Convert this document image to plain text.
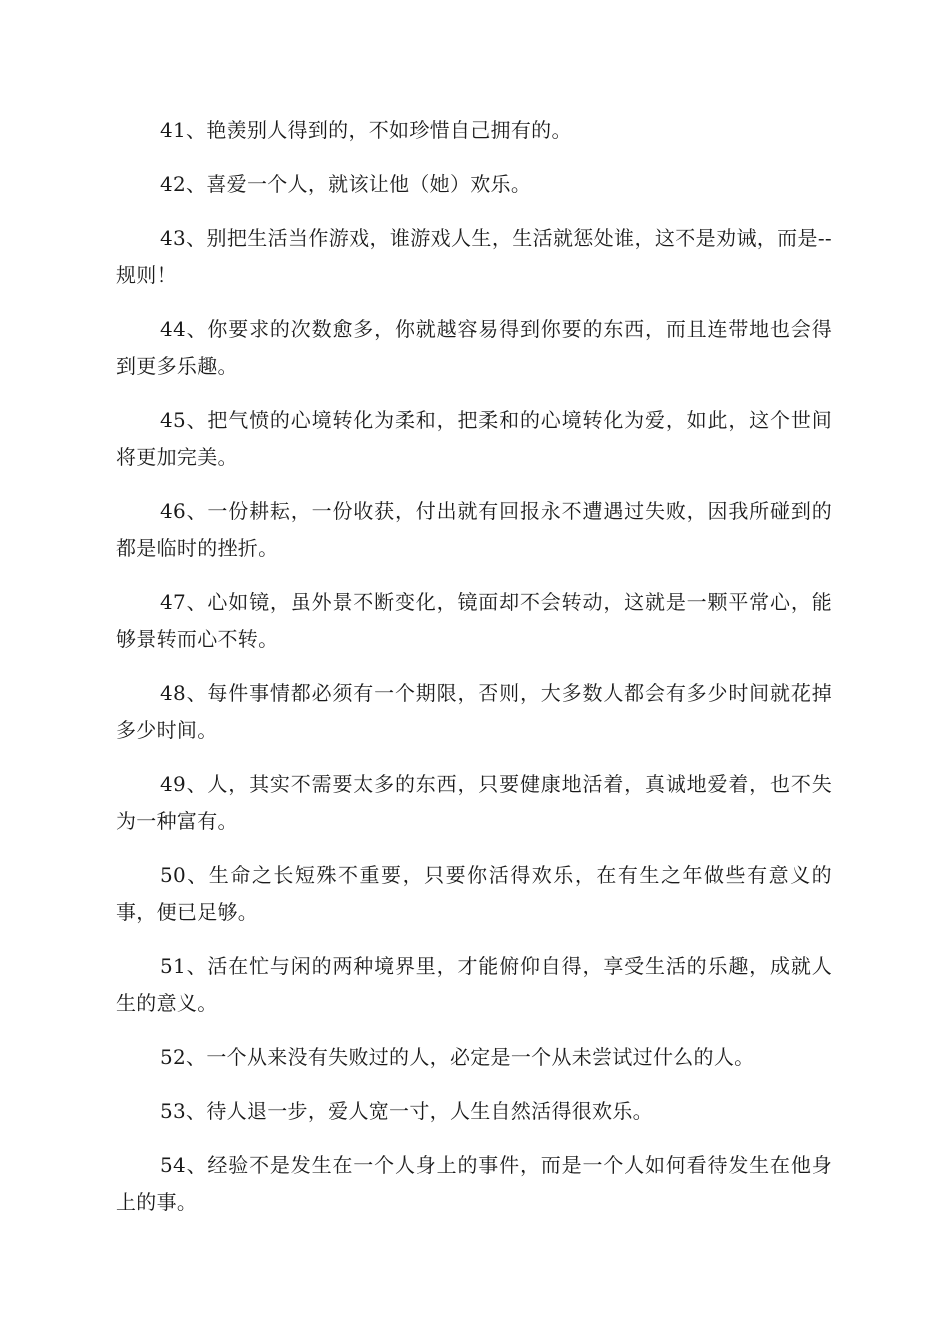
41、艳羡别人得到的，不如珍惜自己拥有的。

42、喜爱一个人，就该让他（她）欢乐。

43、别把生活当作游戏，谁游戏人生，生活就惩处谁，这不是劝诫，而是--规则！

44、你要求的次数愈多，你就越容易得到你要的东西，而且连带地也会得到更多乐趣。

45、把气愤的心境转化为柔和，把柔和的心境转化为爱，如此，这个世间将更加完美。

46、一份耕耘，一份收获，付出就有回报永不遭遇过失败，因我所碰到的都是临时的挫折。

47、心如镜，虽外景不断变化，镜面却不会转动，这就是一颗平常心，能够景转而心不转。

48、每件事情都必须有一个期限，否则，大多数人都会有多少时间就花掉多少时间。

49、人，其实不需要太多的东西，只要健康地活着，真诚地爱着，也不失为一种富有。

50、生命之长短殊不重要，只要你活得欢乐，在有生之年做些有意义的事，便已足够。

51、活在忙与闲的两种境界里，才能俯仰自得，享受生活的乐趣，成就人生的意义。

52、一个从来没有失败过的人，必定是一个从未尝试过什么的人。

53、待人退一步，爱人宽一寸，人生自然活得很欢乐。

54、经验不是发生在一个人身上的事件，而是一个人如何看待发生在他身上的事。
